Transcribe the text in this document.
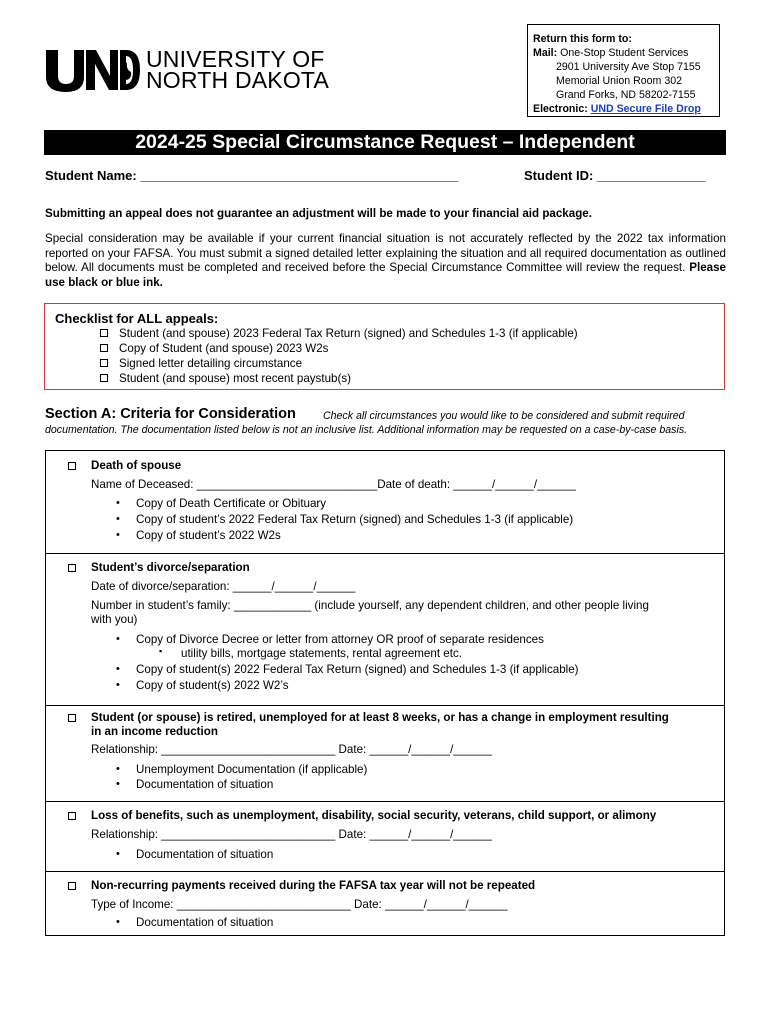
UNIVERSITY OF
NORTH DAKOTA
Return this form to:
Mail: One-Stop Student Services
2901 University Ave Stop 7155
Memorial Union Room 302
Grand Forks, ND 58202-7155
Electronic: UND Secure File Drop
2024-25 Special Circumstance Request – Independent
Student Name: ____________________________________________	Student ID: _______________
Submitting an appeal does not guarantee an adjustment will be made to your financial aid package.
Special consideration may be available if your current financial situation is not accurately reflected by the 2022 tax information reported on your FAFSA. You must submit a signed detailed letter explaining the situation and all required documentation as outlined below. All documents must be completed and received before the Special Circumstance Committee will review the request. Please use black or blue ink.
Checklist for ALL appeals:
Student (and spouse) 2023 Federal Tax Return (signed) and Schedules 1-3 (if applicable)
Copy of Student (and spouse) 2023 W2s
Signed letter detailing circumstance
Student (and spouse) most recent paystub(s)
Section A: Criteria for Consideration	Check all circumstances you would like to be considered and submit required
documentation. The documentation listed below is not an inclusive list. Additional information may be requested on a case-by-case basis.
Death of spouse
Name of Deceased: ____________________________Date of death: ______/______/______
• Copy of Death Certificate or Obituary
• Copy of student’s 2022 Federal Tax Return (signed) and Schedules 1-3 (if applicable)
• Copy of student’s 2022 W2s
Student’s divorce/separation
Date of divorce/separation: ______/______/______
Number in student’s family: ____________ (include yourself, any dependent children, and other people living
with you)
• Copy of Divorce Decree or letter from attorney OR proof of separate residences
▪ utility bills, mortgage statements, rental agreement etc.
• Copy of student(s) 2022 Federal Tax Return (signed) and Schedules 1-3 (if applicable)
• Copy of student(s) 2022 W2’s
Student (or spouse) is retired, unemployed for at least 8 weeks, or has a change in employment resulting
in an income reduction
Relationship: ___________________________ Date: ______/______/______
• Unemployment Documentation (if applicable)
• Documentation of situation
Loss of benefits, such as unemployment, disability, social security, veterans, child support, or alimony
Relationship: ___________________________ Date: ______/______/______
• Documentation of situation
Non-recurring payments received during the FAFSA tax year will not be repeated
Type of Income: ___________________________ Date: ______/______/______
• Documentation of situation
